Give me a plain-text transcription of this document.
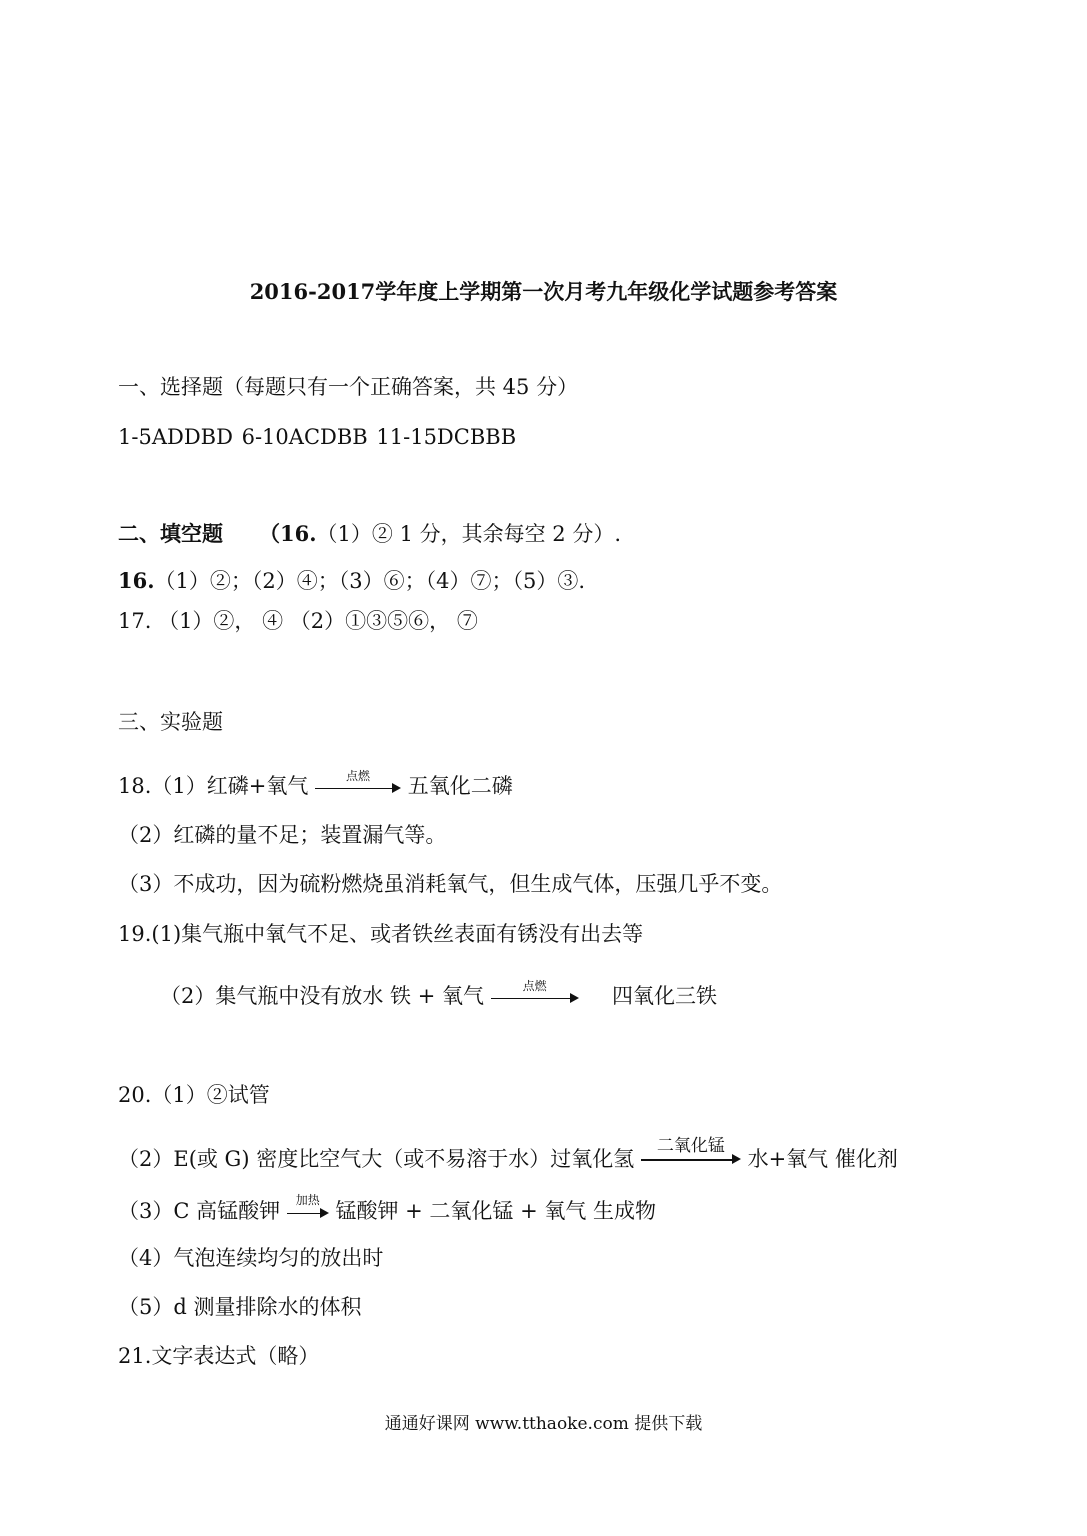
2016-2017学年度上学期第一次月考九年级化学试题参考答案
一、选择题（每题只有一个正确答案，共 45 分）
1-5ADDBD 6-10ACDBB 11-15DCBBB
二、填空题 （16.（1）② 1 分，其余每空 2 分）.
16.（1）②；（2）④；（3）⑥；（4）⑦；（5）③.
17. （1）②， ④ （2）①③⑤⑥， ⑦
三、实验题
18.（1）红磷+氧气	点燃	五氧化二磷
（2）红磷的量不足；装置漏气等。
（3）不成功，因为硫粉燃烧虽消耗氧气，但生成气体，压强几乎不变。
19.(1)集气瓶中氧气不足、或者铁丝表面有锈没有出去等
（2）集气瓶中没有放水 铁 + 氧气	点燃	四氧化三铁
20.（1）②试管
（2）E(或 G) 密度比空气大（或不易溶于水）过氧化氢
二氧化锰
水+氧气 催化剂
（3）C 高锰酸钾	加热 锰酸钾 + 二氧化锰 + 氧气 生成物
（4）气泡连续均匀的放出时
（5）d 测量排除水的体积
21.文字表达式（略）
通通好课网 www.tthaoke.com 提供下载
